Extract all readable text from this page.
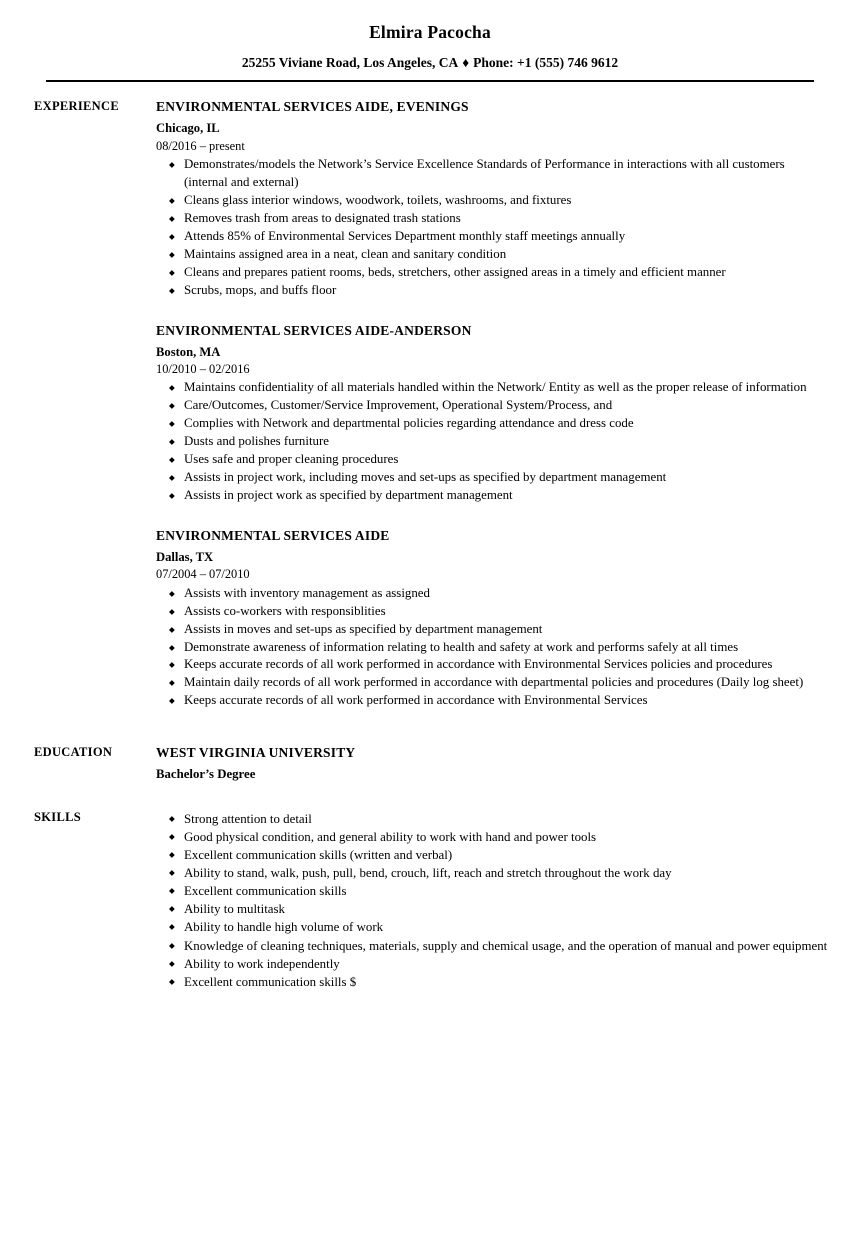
Elmira Pacocha
25255 Viviane Road, Los Angeles, CA ♦ Phone: +1 (555) 746 9612
EXPERIENCE	ENVIRONMENTAL SERVICES AIDE, EVENINGS
Chicago, IL
08/2016 – present
◆ Demonstrates/models the Network’s Service Excellence Standards of Performance in interactions with all customers (internal and external)
◆ Cleans glass interior windows, woodwork, toilets, washrooms, and fixtures
◆ Removes trash from areas to designated trash stations
◆ Attends 85% of Environmental Services Department monthly staff meetings annually
◆ Maintains assigned area in a neat, clean and sanitary condition
◆ Cleans and prepares patient rooms, beds, stretchers, other assigned areas in a timely and efficient manner
◆ Scrubs, mops, and buffs floor
ENVIRONMENTAL SERVICES AIDE-ANDERSON
Boston, MA
10/2010 – 02/2016
◆ Maintains confidentiality of all materials handled within the Network/ Entity as well as the proper release of information
◆ Care/Outcomes, Customer/Service Improvement, Operational System/Process, and
◆ Complies with Network and departmental policies regarding attendance and dress code
◆ Dusts and polishes furniture
◆ Uses safe and proper cleaning procedures
◆ Assists in project work, including moves and set-ups as specified by department management
◆ Assists in project work as specified by department management
ENVIRONMENTAL SERVICES AIDE
Dallas, TX
07/2004 – 07/2010
◆ Assists with inventory management as assigned
◆ Assists co-workers with responsiblities
◆ Assists in moves and set-ups as specified by department management
◆ Demonstrate awareness of information relating to health and safety at work and performs safely at all times
◆ Keeps accurate records of all work performed in accordance with Environmental Services policies and procedures
◆ Maintain daily records of all work performed in accordance with departmental policies and procedures (Daily log sheet)
◆ Keeps accurate records of all work performed in accordance with Environmental Services
EDUCATION	WEST VIRGINIA UNIVERSITY
Bachelor’s Degree
SKILLS	◆ Strong attention to detail
◆ Good physical condition, and general ability to work with hand and power tools
◆ Excellent communication skills (written and verbal)
◆ Ability to stand, walk, push, pull, bend, crouch, lift, reach and stretch throughout the work day
◆ Excellent communication skills
◆ Ability to multitask
◆ Ability to handle high volume of work
◆ Knowledge of cleaning techniques, materials, supply and chemical usage, and the operation of manual and power equipment
◆ Ability to work independently
◆ Excellent communication skills $
